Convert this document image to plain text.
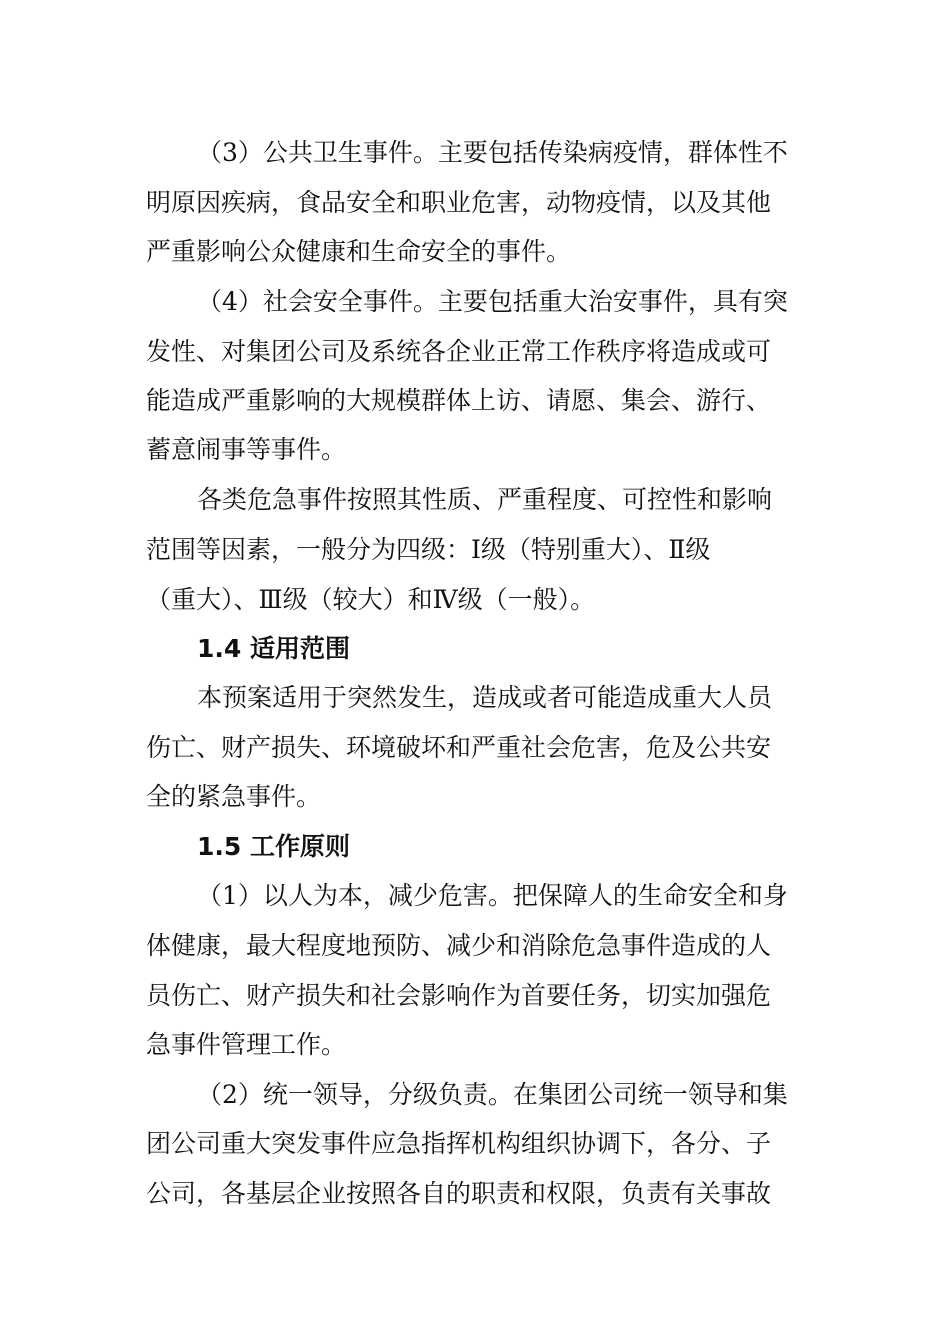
（3）公共卫生事件。主要包括传染病疫情，群体性不
明原因疾病，食品安全和职业危害，动物疫情，以及其他
严重影响公众健康和生命安全的事件。
（4）社会安全事件。主要包括重大治安事件，具有突
发性、对集团公司及系统各企业正常工作秩序将造成或可
能造成严重影响的大规模群体上访、请愿、集会、游行、
蓄意闹事等事件。
各类危急事件按照其性质、严重程度、可控性和影响
范围等因素，一般分为四级：Ⅰ级（特别重大）、Ⅱ级
（重大）、Ⅲ级（较大）和Ⅳ级（一般）。
1.4 适用范围
本预案适用于突然发生，造成或者可能造成重大人员
伤亡、财产损失、环境破坏和严重社会危害，危及公共安
全的紧急事件。
1.5 工作原则
（1）以人为本，减少危害。把保障人的生命安全和身
体健康，最大程度地预防、减少和消除危急事件造成的人
员伤亡、财产损失和社会影响作为首要任务，切实加强危
急事件管理工作。
（2）统一领导，分级负责。在集团公司统一领导和集
团公司重大突发事件应急指挥机构组织协调下，各分、子
公司，各基层企业按照各自的职责和权限，负责有关事故
